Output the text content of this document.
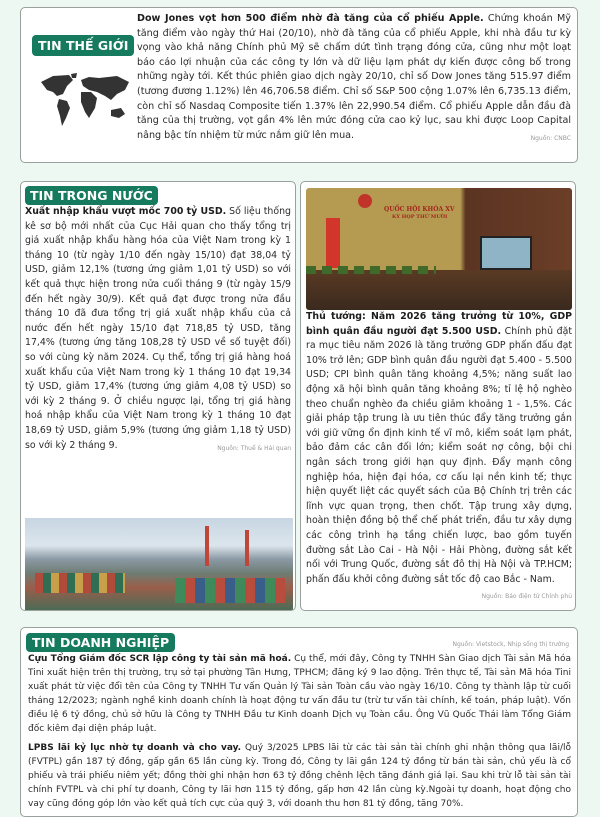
TIN THẾ GIỚI

Dow Jones vọt hơn 500 điểm nhờ đà tăng của cổ phiếu Apple. Chứng khoán Mỹ tăng điểm vào ngày thứ Hai (20/10), nhờ đà tăng của cổ phiếu Apple, khi nhà đầu tư kỳ vọng vào khả năng Chính phủ Mỹ sẽ chấm dứt tình trạng đóng cửa, cũng như một loạt báo cáo lợi nhuận của các công ty lớn và dữ liệu lạm phát dự kiến được công bố trong những ngày tới. Kết thúc phiên giao dịch ngày 20/10, chỉ số Dow Jones tăng 515.97 điểm (tương đương 1.12%) lên 46,706.58 điểm. Chỉ số S&P 500 cộng 1.07% lên 6,735.13 điểm, còn chỉ số Nasdaq Composite tiến 1.37% lên 22,990.54 điểm. Cổ phiếu Apple dẫn đầu đà tăng của thị trường, vọt gần 4% lên mức đóng cửa cao kỷ lục, sau khi được Loop Capital nâng bậc tín nhiệm từ mức nắm giữ lên mua.	Nguồn: CNBC

TIN TRONG NƯỚC

Xuất nhập khẩu vượt mốc 700 tỷ USD. Số liệu thống kê sơ bộ mới nhất của Cục Hải quan cho thấy tổng trị giá xuất nhập khẩu hàng hóa của Việt Nam trong kỳ 1 tháng 10 (từ ngày 1/10 đến ngày 15/10) đạt 38,04 tỷ USD, giảm 12,1% (tương ứng giảm 1,01 tỷ USD) so với kết quả thực hiện trong nửa cuối tháng 9 (từ ngày 15/9 đến hết ngày 30/9). Kết quả đạt được trong nửa đầu tháng 10 đã đưa tổng trị giá xuất nhập khẩu của cả nước đến hết ngày 15/10 đạt 718,85 tỷ USD, tăng 17,4% (tương ứng tăng 108,28 tỷ USD về số tuyệt đối) so với cùng kỳ năm 2024. Cụ thể, tổng trị giá hàng hoá xuất khẩu của Việt Nam trong kỳ 1 tháng 10 đạt 19,34 tỷ USD, giảm 17,4% (tương ứng giảm 4,08 tỷ USD) so với kỳ 2 tháng 9. Ở chiều ngược lại, tổng trị giá hàng hoá nhập khẩu của Việt Nam trong kỳ 1 tháng 10 đạt 18,69 tỷ USD, giảm 5,9% (tương ứng giảm 1,18 tỷ USD) so với kỳ 2 tháng 9.	Nguồn: Thuế & Hải quan

QUỐC HỘI KHÓA XV
KỲ HỌP THỨ MƯỜI

Thủ tướng: Năm 2026 tăng trưởng từ 10%, GDP bình quân đầu người đạt 5.500 USD. Chính phủ đặt ra mục tiêu năm 2026 là tăng trưởng GDP phấn đấu đạt 10% trở lên; GDP bình quân đầu người đạt 5.400 - 5.500 USD; CPI bình quân tăng khoảng 4,5%; năng suất lao động xã hội bình quân tăng khoảng 8%; tỉ lệ hộ nghèo theo chuẩn nghèo đa chiều giảm khoảng 1 - 1,5%. Các giải pháp tập trung là ưu tiên thúc đẩy tăng trưởng gắn với giữ vững ổn định kinh tế vĩ mô, kiểm soát lạm phát, bảo đảm các cân đối lớn; kiểm soát nợ công, bội chi ngân sách trong giới hạn quy định. Đẩy mạnh công nghiệp hóa, hiện đại hóa, cơ cấu lại nền kinh tế; thực hiện quyết liệt các quyết sách của Bộ Chính trị trên các lĩnh vực quan trọng, then chốt. Tập trung xây dựng, hoàn thiện đồng bộ thể chế phát triển, đầu tư xây dựng các công trình hạ tầng chiến lược, bao gồm tuyến đường sắt Lào Cai - Hà Nội - Hải Phòng, đường sắt kết nối với Trung Quốc, đường sắt đô thị Hà Nội và TP.HCM; phấn đấu khởi công đường sắt tốc độ cao Bắc - Nam.
Nguồn: Báo điện tử Chính phủ

TIN DOANH NGHIỆP	Nguồn: Vietstock, Nhịp sống thị trường

Cựu Tổng Giám đốc SCR lập công ty tài sản mã hoá. Cụ thể, mới đây, Công ty TNHH Sàn Giao dịch Tài sản Mã hóa Tini xuất hiện trên thị trường, trụ sở tại phường Tân Hưng, TPHCM; đăng ký 9 lao động. Trên thực tế, Tài sản Mã hóa Tini xuất phát từ việc đổi tên của Công ty TNHH Tư vấn Quản lý Tài sản Toàn cầu vào ngày 16/10. Công ty thành lập từ cuối tháng 12/2023; ngành nghề kinh doanh chính là hoạt động tư vấn đầu tư (trừ tư vấn tài chính, kế toán, pháp luật). Vốn điều lệ 6 tỷ đồng, chủ sở hữu là Công ty TNHH Đầu tư Kinh doanh Dịch vụ Toàn cầu. Ông Vũ Quốc Thái làm Tổng Giám đốc kiêm đại diện pháp luật.

LPBS lãi kỷ lục nhờ tự doanh và cho vay. Quý 3/2025 LPBS lãi từ các tài sản tài chính ghi nhận thông qua lãi/lỗ (FVTPL) gần 187 tỷ đồng, gấp gần 65 lần cùng kỳ. Trong đó, Công ty lãi gần 124 tỷ đồng từ bán tài sản, chủ yếu là cổ phiếu và trái phiếu niêm yết; đồng thời ghi nhận hơn 63 tỷ đồng chênh lệch tăng đánh giá lại. Sau khi trừ lỗ tài sản tài chính FVTPL và chi phí tự doanh, Công ty lãi hơn 115 tỷ đồng, gấp hơn 42 lần cùng kỳ.Ngoài tự doanh, hoạt động cho vay cũng đóng góp lớn vào kết quả tích cực của quý 3, với doanh thu hơn 81 tỷ đồng, tăng 70%.
